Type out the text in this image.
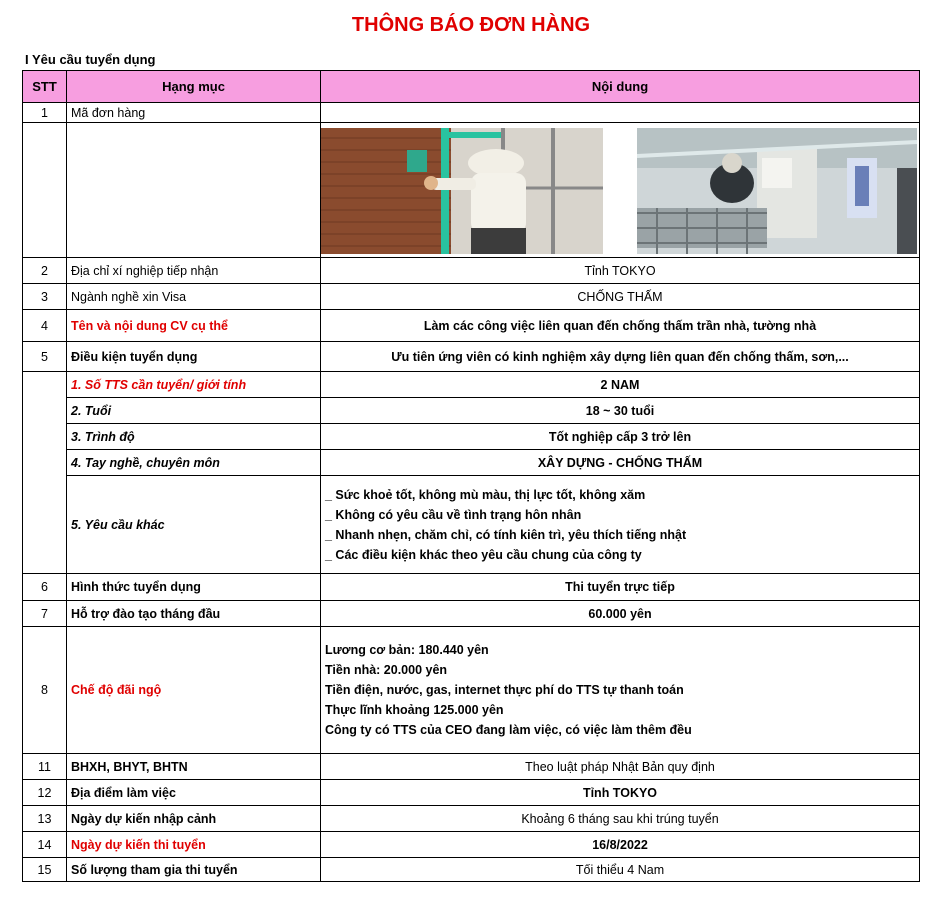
THÔNG BÁO ĐƠN HÀNG
I Yêu cầu tuyển dụng
STT	Hạng mục	Nội dung
1	Mã đơn hàng	

2	Địa chỉ xí nghiệp tiếp nhận	Tỉnh TOKYO
3	Ngành nghề xin Visa	CHỐNG THẤM
4	Tên và nội dung CV cụ thể	Làm các công việc liên quan đến chống thấm trần nhà, tường nhà
5	Điều kiện tuyển dụng	Ưu tiên ứng viên có kinh nghiệm xây dựng liên quan đến chống thấm, sơn,...
	1. Số TTS cần tuyển/ giới tính	2 NAM
	2. Tuổi	18 ~ 30 tuổi
	3. Trình độ	Tốt nghiệp cấp 3 trở lên
	4. Tay nghề, chuyên môn	XÂY DỰNG - CHỐNG THẤM
	5. Yêu cầu khác	_ Sức khoẻ tốt, không mù màu, thị lực tốt, không xăm
_ Không có yêu cầu về tình trạng hôn nhân
_ Nhanh nhẹn, chăm chỉ, có tính kiên trì, yêu thích tiếng nhật
_ Các điều kiện khác theo yêu cầu chung của công ty

6	Hình thức tuyển dụng	Thi tuyển trực tiếp
7	Hỗ trợ đào tạo tháng đầu	60.000 yên
8	Chế độ đãi ngộ	Lương cơ bản: 180.440 yên
Tiền nhà: 20.000 yên
Tiền điện, nước, gas, internet thực phí do TTS tự thanh toán
Thực lĩnh khoảng 125.000 yên
Công ty có TTS của CEO đang làm việc, có việc làm thêm đều

11	BHXH, BHYT, BHTN	Theo luật pháp Nhật Bản quy định
12	Địa điểm làm việc	Tỉnh TOKYO
13	Ngày dự kiến nhập cảnh	Khoảng 6 tháng sau khi trúng tuyển
14	Ngày dự kiến thi tuyển	16/8/2022
15	Số lượng tham gia thi tuyển	Tối thiểu 4 Nam
